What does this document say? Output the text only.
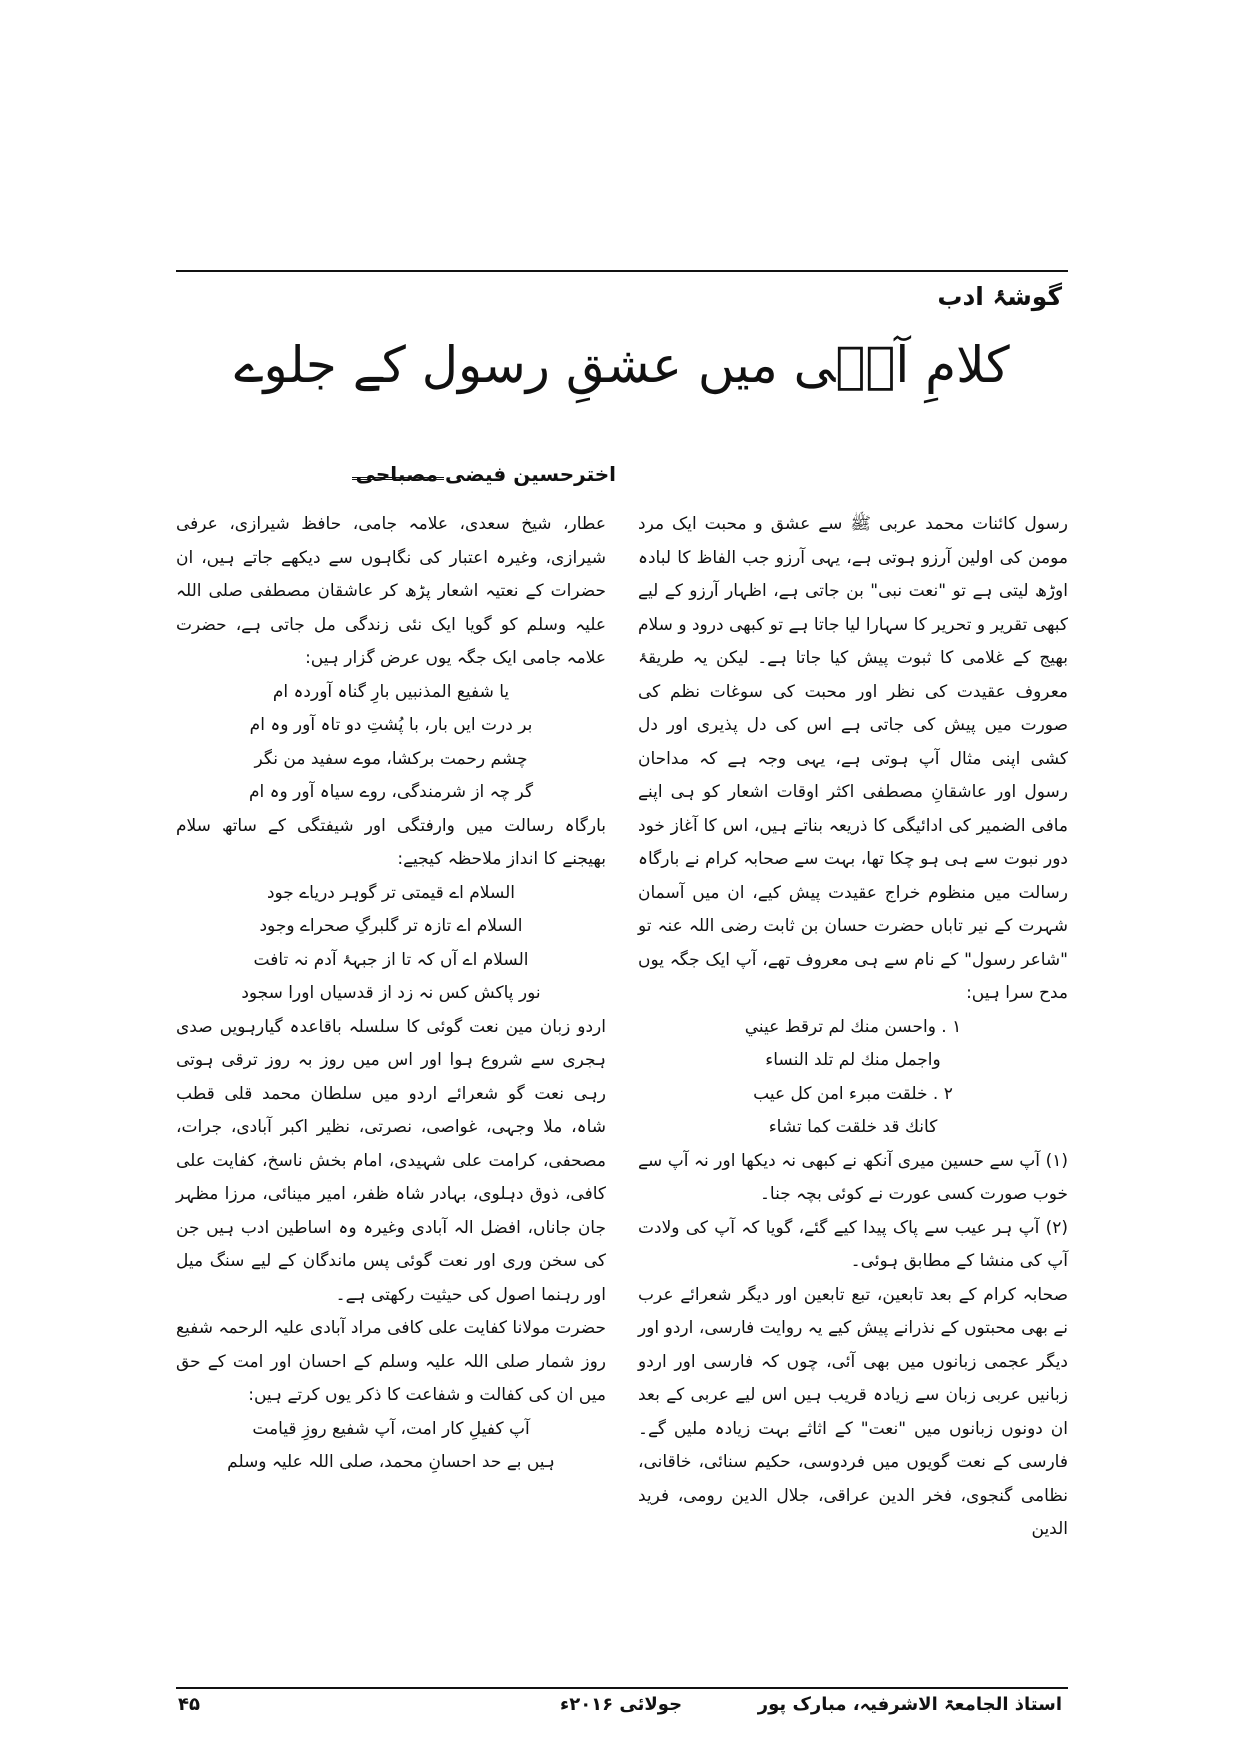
گوشۂ ادب
کلامِ آسؔی میں عشقِ رسول کے جلوے
اخترحسین فیضی مصباحی

رسول کائنات محمد عربی ﷺ سے عشق و محبت ایک مرد مومن کی اولین آرزو ہوتی ہے، یہی آرزو جب الفاظ کا لبادہ اوڑھ لیتی ہے تو "نعت نبی" بن جاتی ہے، اظہار آرزو کے لیے کبھی تقریر و تحریر کا سہارا لیا جاتا ہے تو کبھی درود و سلام بھیج کے غلامی کا ثبوت پیش کیا جاتا ہے۔ لیکن یہ طریقۂ معروف عقیدت کی نظر اور محبت کی سوغات نظم کی صورت میں پیش کی جاتی ہے اس کی دل پذیری اور دل کشی اپنی مثال آپ ہوتی ہے، یہی وجہ ہے کہ مداحان رسول اور عاشقانِ مصطفی اکثر اوقات اشعار کو ہی اپنے مافی الضمیر کی ادائیگی کا ذریعہ بناتے ہیں، اس کا آغاز خود دور نبوت سے ہی ہو چکا تھا، بہت سے صحابہ کرام نے بارگاہ رسالت میں منظوم خراج عقیدت پیش کیے، ان میں آسمان شہرت کے نیر تاباں حضرت حسان بن ثابت رضی اللہ عنہ تو "شاعر رسول" کے نام سے ہی معروف تھے، آپ ایک جگہ یوں مدح سرا ہیں:

۱ . واحسن منك لم ترقط عيني

واجمل منك لم تلد النساء

۲ . خلقت مبرء امن کل عیب

کانك قد خلقت کما تشاء

(۱) آپ سے حسین میری آنکھ نے کبھی نہ دیکھا اور نہ آپ سے خوب صورت کسی عورت نے کوئی بچہ جنا۔

(۲) آپ ہر عیب سے پاک پیدا کیے گئے، گویا کہ آپ کی ولادت آپ کی منشا کے مطابق ہوئی۔

صحابہ کرام کے بعد تابعین، تبع تابعین اور دیگر شعرائے عرب نے بھی محبتوں کے نذرانے پیش کیے یہ روایت فارسی، اردو اور دیگر عجمی زبانوں میں بھی آئی، چوں کہ فارسی اور اردو زبانیں عربی زبان سے زیادہ قریب ہیں اس لیے عربی کے بعد ان دونوں زبانوں میں "نعت" کے اثاثے بہت زیادہ ملیں گے۔ فارسی کے نعت گویوں میں فردوسی، حکیم سنائی، خاقانی، نظامی گنجوی، فخر الدین عراقی، جلال الدین رومی، فرید الدین

عطار، شیخ سعدی، علامہ جامی، حافظ شیرازی، عرفی شیرازی، وغیرہ اعتبار کی نگاہوں سے دیکھے جاتے ہیں، ان حضرات کے نعتیہ اشعار پڑھ کر عاشقان مصطفی صلی اللہ علیہ وسلم کو گویا ایک نئی زندگی مل جاتی ہے، حضرت علامہ جامی ایک جگہ یوں عرض گزار ہیں:

یا شفیع المذنبیں بارِ گناہ آوردہ ام

بر درت ایں بار، با پُشتِ دو تاہ آور وہ ام

چشم رحمت برکشا، موے سفید من نگر

گر چہ از شرمندگی، روے سیاہ آور وہ ام

بارگاہ رسالت میں وارفتگی اور شیفتگی کے ساتھ سلام بھیجنے کا انداز ملاحظہ کیجیے:

السلام اے قیمتی تر گوہر دریاے جود

السلام اے تازہ تر گلبرگِ صحراے وجود

السلام اے آں کہ تا از جبہۂ آدم نہ تافت

نور پاکش کس نہ زد از قدسیاں اورا سجود

اردو زبان مین نعت گوئی کا سلسلہ باقاعدہ گیارہویں صدی ہجری سے شروع ہوا اور اس میں روز بہ روز ترقی ہوتی رہی نعت گو شعرائے اردو میں سلطان محمد قلی قطب شاہ، ملا وجہی، غواصی، نصرتی، نظیر اکبر آبادی، جرات، مصحفی، کرامت علی شہیدی، امام بخش ناسخ، کفایت علی کافی، ذوق دہلوی، بہادر شاہ ظفر، امیر مینائی، مرزا مظہر جان جاناں، افضل الہ آبادی وغیرہ وہ اساطین ادب ہیں جن کی سخن وری اور نعت گوئی پس ماندگان کے لیے سنگ میل اور رہنما اصول کی حیثیت رکھتی ہے۔

حضرت مولانا کفایت علی کافی مراد آبادی علیہ الرحمہ شفیع روز شمار صلی اللہ علیہ وسلم کے احسان اور امت کے حق میں ان کی کفالت و شفاعت کا ذکر یوں کرتے ہیں:

آپ کفیلِ کار امت، آپ شفیع روزِ قیامت

ہیں بے حد احسانِ محمد، صلی اللہ علیہ وسلم

استاذ الجامعۃ الاشرفیہ، مبارک پور
جولائی ۲۰۱۶ء
۴۵
